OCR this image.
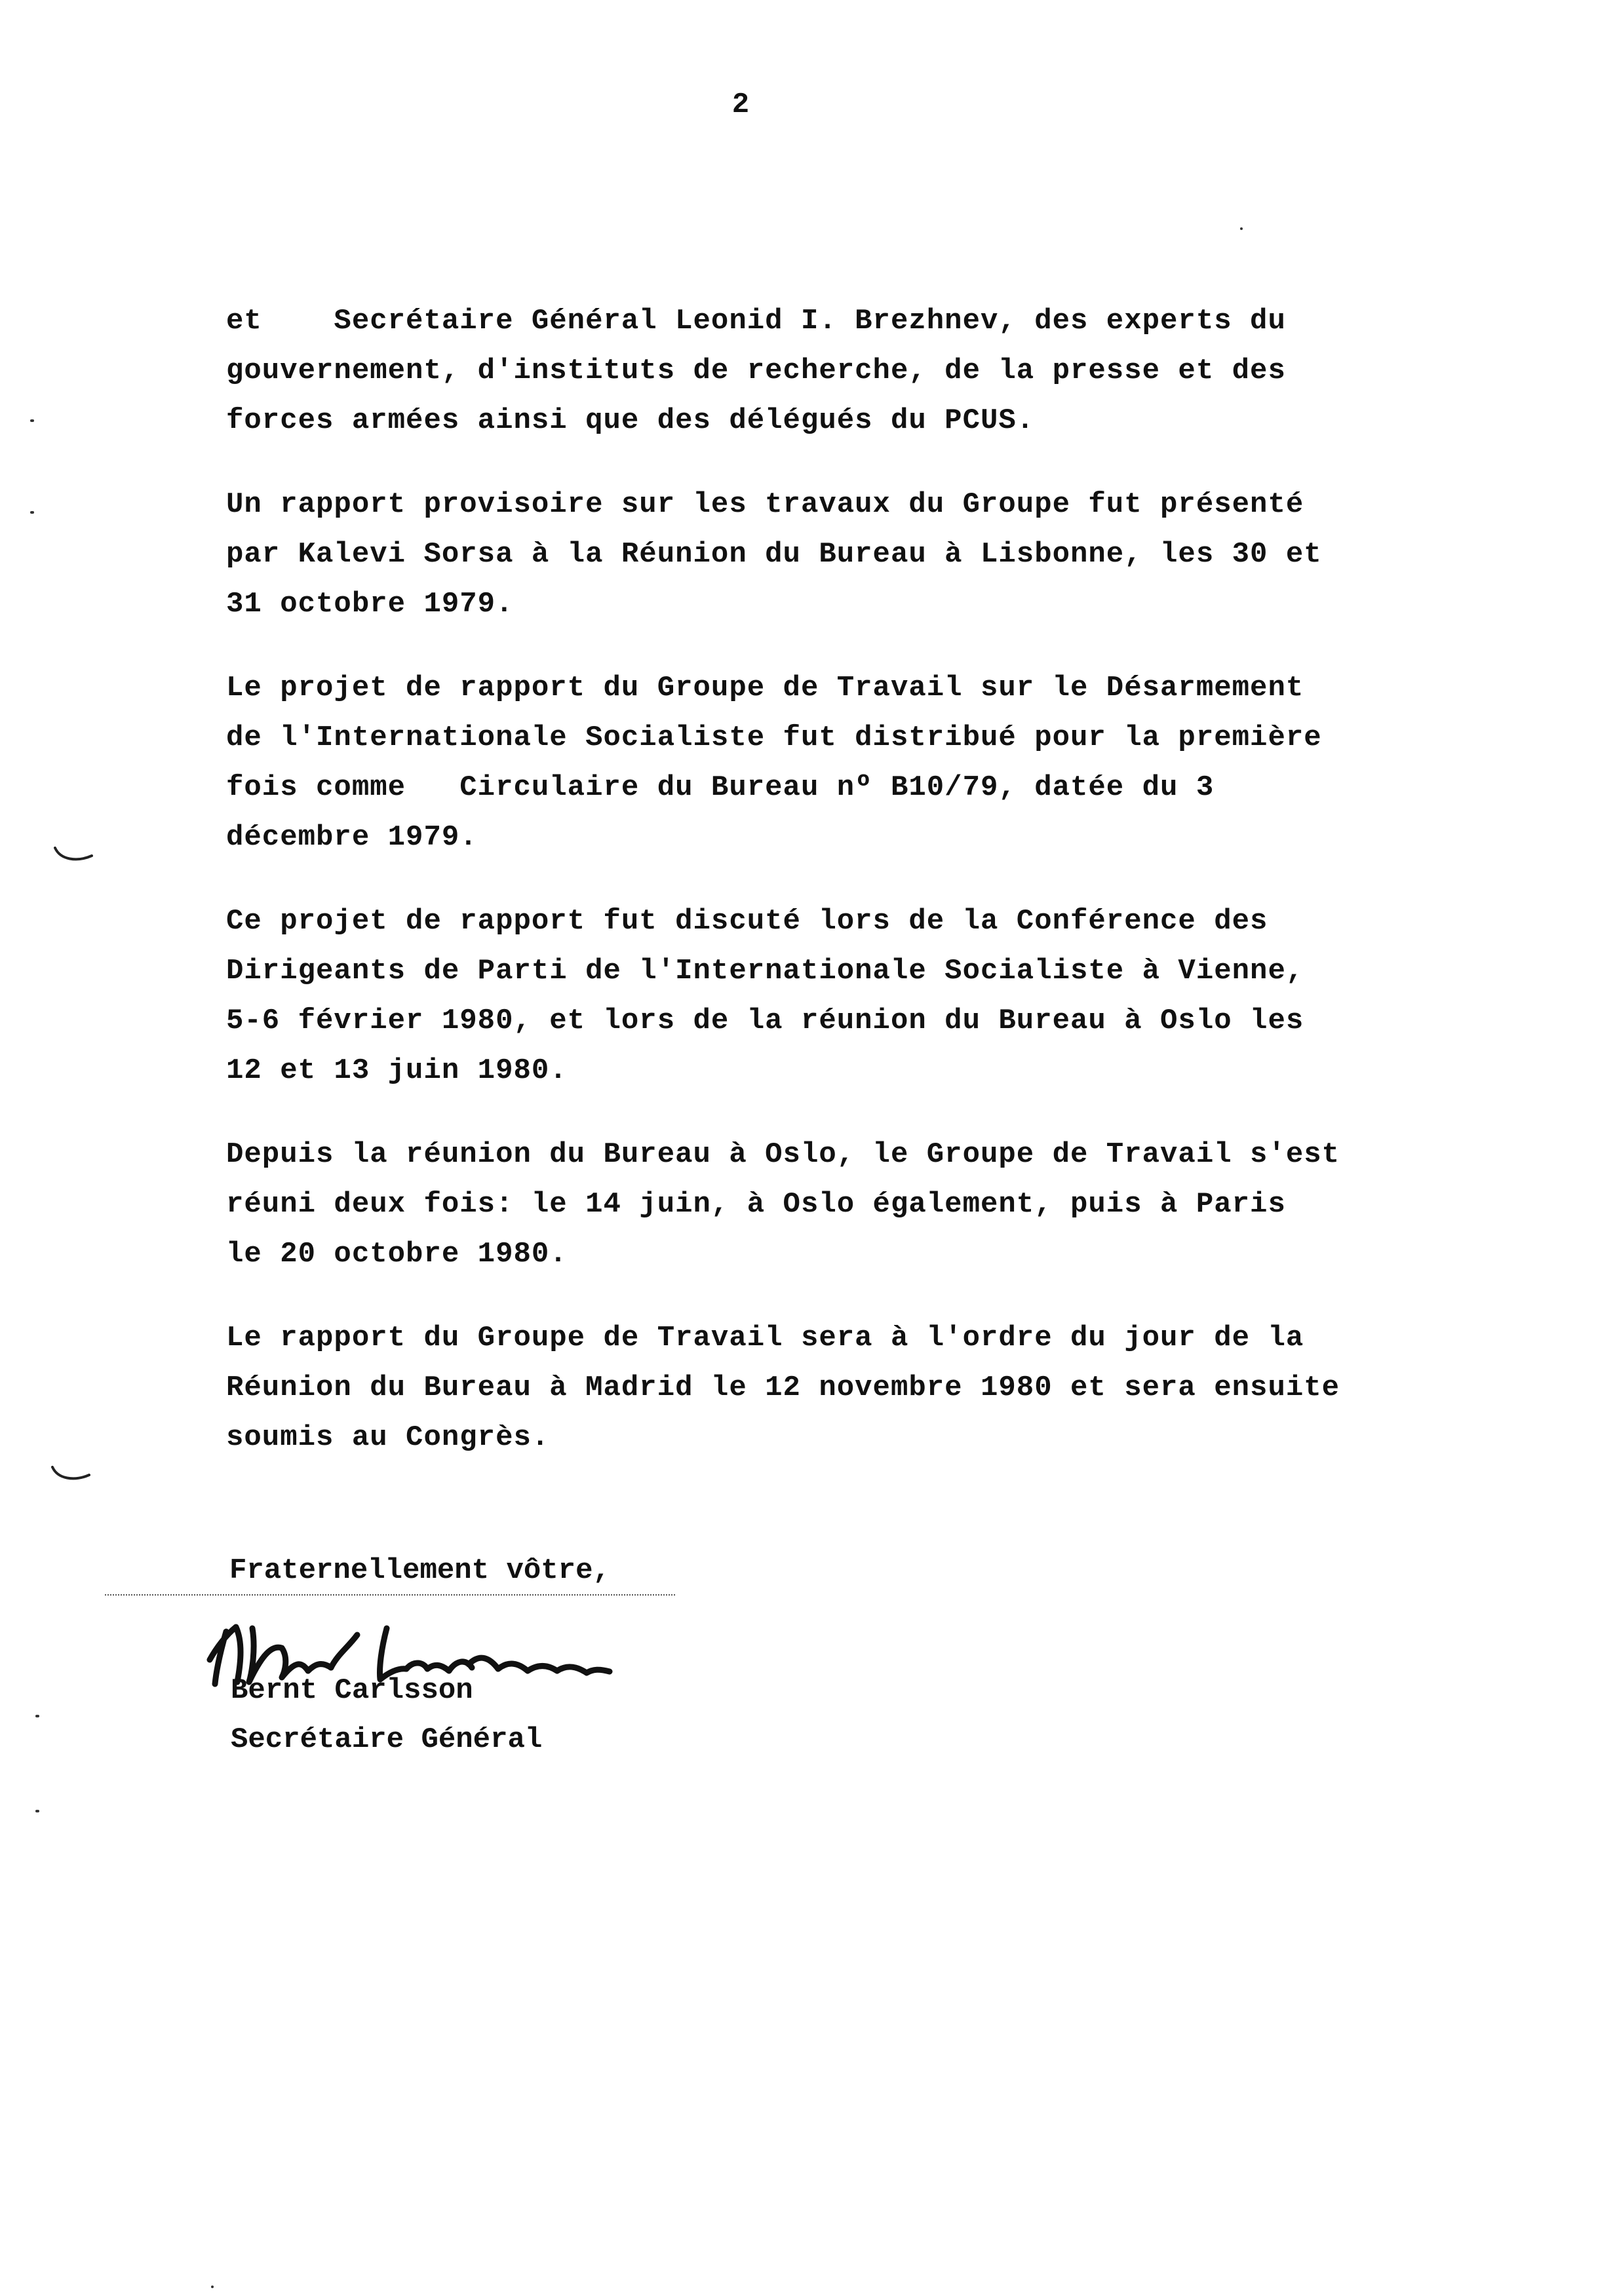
2
et    Secrétaire Général Leonid I. Brezhnev, des experts du
gouvernement, d'instituts de recherche, de la presse et des
forces armées ainsi que des délégués du PCUS.
Un rapport provisoire sur les travaux du Groupe fut présenté
par Kalevi Sorsa à la Réunion du Bureau à Lisbonne, les 30 et
31 octobre 1979.
Le projet de rapport du Groupe de Travail sur le Désarmement
de l'Internationale Socialiste fut distribué pour la première
fois comme   Circulaire du Bureau nº B10/79, datée du 3
décembre 1979.
Ce projet de rapport fut discuté lors de la Conférence des
Dirigeants de Parti de l'Internationale Socialiste à Vienne,
5-6 février 1980, et lors de la réunion du Bureau à Oslo les
12 et 13 juin 1980.
Depuis la réunion du Bureau à Oslo, le Groupe de Travail s'est
réuni deux fois: le 14 juin, à Oslo également, puis à Paris
le 20 octobre 1980.
Le rapport du Groupe de Travail sera à l'ordre du jour de la
Réunion du Bureau à Madrid le 12 novembre 1980 et sera ensuite
soumis au Congrès.
Fraternellement vôtre,
Bernt Carlsson
Secrétaire Général
